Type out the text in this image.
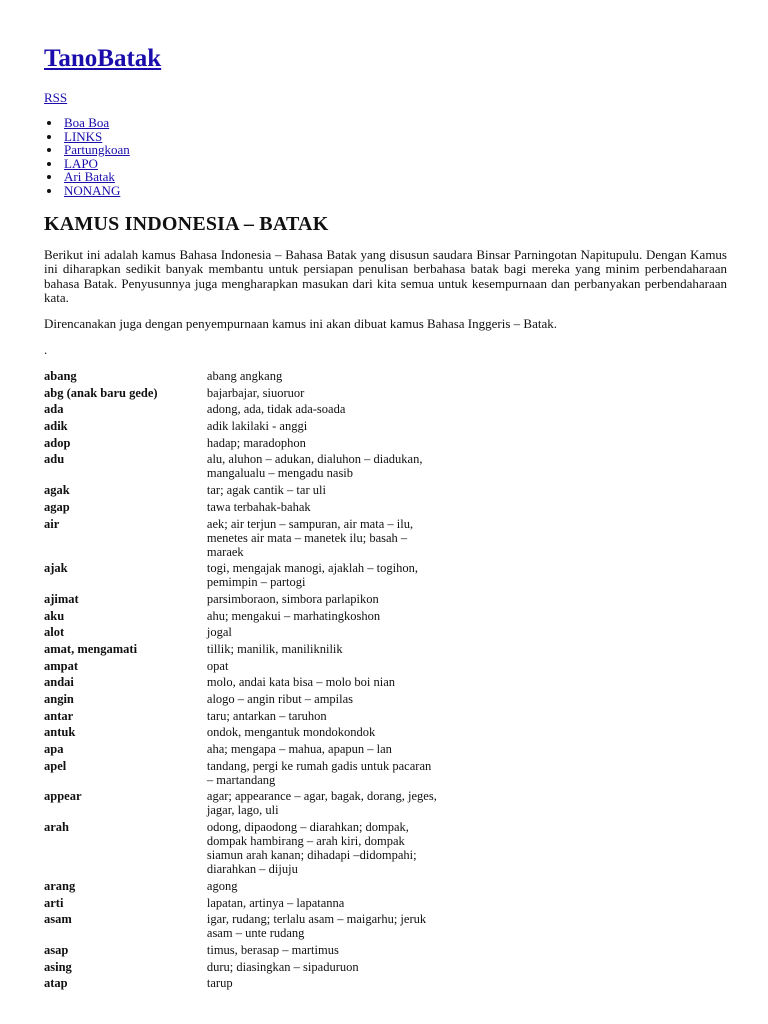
TanoBatak
RSS
• Boa Boa
• LINKS
• Partungkoan
• LAPO
• Ari Batak
• NONANG
KAMUS INDONESIA – BATAK

Berikut ini adalah kamus Bahasa Indonesia – Bahasa Batak yang disusun saudara Binsar Parningotan Napitupulu. Dengan Kamus ini diharapkan sedikit banyak membantu untuk persiapan penulisan berbahasa batak bagi mereka yang minim perbendaharaan bahasa Batak. Penyusunnya juga mengharapkan masukan dari kita semua untuk kesempurnaan dan perbanyakan perbendaharaan kata.

Direncanakan juga dengan penyempurnaan kamus ini akan dibuat kamus Bahasa Inggeris – Batak.

.

abang	abang angkang

abg (anak baru gede)	bajarbajar, siuoruor

ada	adong, ada, tidak ada-soada

adik	adik lakilaki - anggi

adop	hadap; maradophon

adu	alu, aluhon – adukan, dialuhon – diadukan,
mangalualu – mengadu nasib

agak	tar; agak cantik – tar uli

agap	tawa terbahak-bahak

air	aek; air terjun – sampuran, air mata – ilu,
menetes air mata – manetek ilu; basah –
maraek

ajak	togi, mengajak manogi, ajaklah – togihon,
pemimpin – partogi

ajimat	parsimboraon, simbora parlapikon

aku	ahu; mengakui – marhatingkoshon

alot	jogal

amat, mengamati	tillik; manilik, maniliknilik

ampat	opat

andai	molo, andai kata bisa – molo boi nian

angin	alogo – angin ribut – ampilas

antar	taru; antarkan – taruhon

antuk	ondok, mengantuk mondokondok

apa	aha; mengapa – mahua, apapun – lan

apel	tandang, pergi ke rumah gadis untuk pacaran
– martandang

appear	agar; appearance – agar, bagak, dorang, jeges,
jagar, lago, uli

arah	odong, dipaodong – diarahkan; dompak,
dompak hambirang – arah kiri, dompak
siamun arah kanan; dihadapi –didompahi;
diarahkan – dijuju

arang	agong

arti	lapatan, artinya – lapatanna

asam	igar, rudang; terlalu asam – maigarhu; jeruk
asam – unte rudang

asap	timus, berasap – martimus

asing	duru; diasingkan – sipaduruon

atap	tarup
